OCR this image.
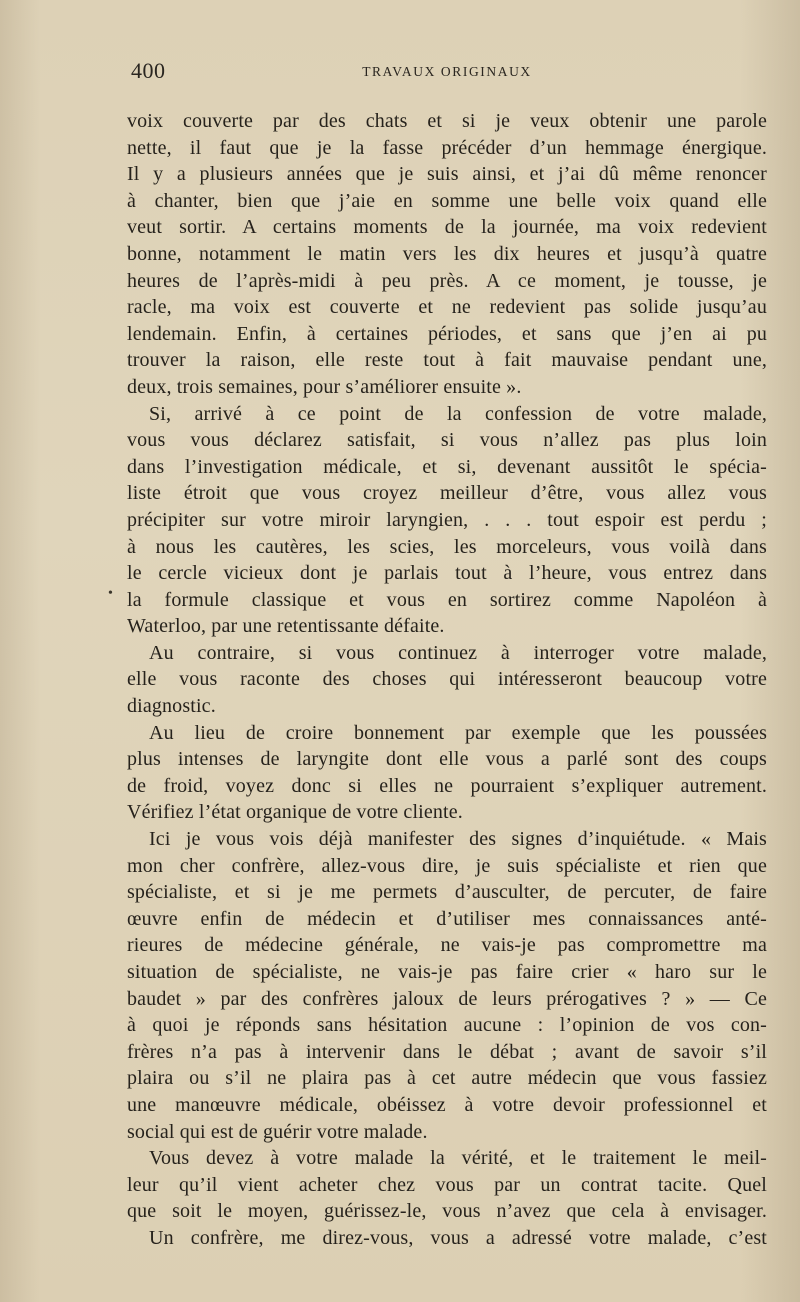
400	TRAVAUX ORIGINAUX
voix couverte par des chats et si je veux obtenir une parole
nette, il faut que je la fasse précéder d’un hemmage énergique.
Il y a plusieurs années que je suis ainsi, et j’ai dû même renoncer
à chanter, bien que j’aie en somme une belle voix quand elle
veut sortir. A certains moments de la journée, ma voix redevient
bonne, notamment le matin vers les dix heures et jusqu’à quatre
heures de l’après-midi à peu près. A ce moment, je tousse, je
racle, ma voix est couverte et ne redevient pas solide jusqu’au
lendemain. Enfin, à certaines périodes, et sans que j’en ai pu
trouver la raison, elle reste tout à fait mauvaise pendant une,
deux, trois semaines, pour s’améliorer ensuite ».
Si, arrivé à ce point de la confession de votre malade,
vous vous déclarez satisfait, si vous n’allez pas plus loin
dans l’investigation médicale, et si, devenant aussitôt le spécia-
liste étroit que vous croyez meilleur d’être, vous allez vous
précipiter sur votre miroir laryngien, . . . tout espoir est perdu ;
à nous les cautères, les scies, les morceleurs, vous voilà dans
le cercle vicieux dont je parlais tout à l’heure, vous entrez dans
la formule classique et vous en sortirez comme Napoléon à
Waterloo, par une retentissante défaite.
Au contraire, si vous continuez à interroger votre malade,
elle vous raconte des choses qui intéresseront beaucoup votre
diagnostic.
Au lieu de croire bonnement par exemple que les poussées
plus intenses de laryngite dont elle vous a parlé sont des coups
de froid, voyez donc si elles ne pourraient s’expliquer autrement.
Vérifiez l’état organique de votre cliente.
Ici je vous vois déjà manifester des signes d’inquiétude. « Mais
mon cher confrère, allez-vous dire, je suis spécialiste et rien que
spécialiste, et si je me permets d’ausculter, de percuter, de faire
œuvre enfin de médecin et d’utiliser mes connaissances anté-
rieures de médecine générale, ne vais-je pas compromettre ma
situation de spécialiste, ne vais-je pas faire crier « haro sur le
baudet » par des confrères jaloux de leurs prérogatives ? » — Ce
à quoi je réponds sans hésitation aucune : l’opinion de vos con-
frères n’a pas à intervenir dans le débat ; avant de savoir s’il
plaira ou s’il ne plaira pas à cet autre médecin que vous fassiez
une manœuvre médicale, obéissez à votre devoir professionnel et
social qui est de guérir votre malade.
Vous devez à votre malade la vérité, et le traitement le meil-
leur qu’il vient acheter chez vous par un contrat tacite. Quel
que soit le moyen, guérissez-le, vous n’avez que cela à envisager.
Un confrère, me direz-vous, vous a adressé votre malade, c’est
•
